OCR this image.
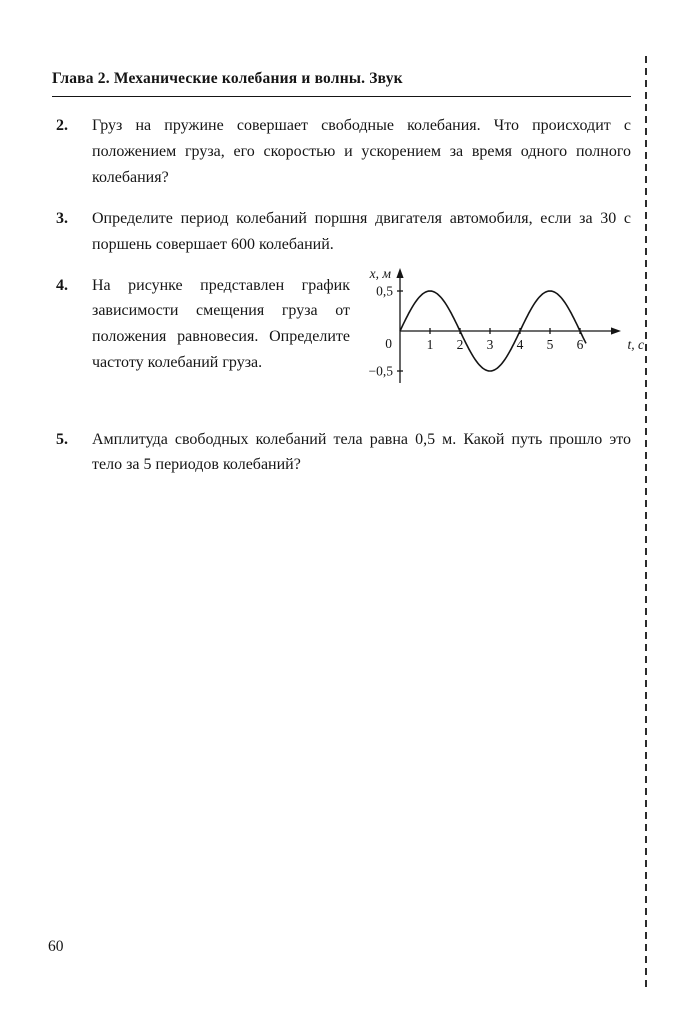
Глава 2. Механические колебания и волны. Звук
2.	Груз на пружине совершает свободные колебания. Что происходит с положением груза, его скоростью и ускорением за время одного полного колебания?
3.	Определите период колебаний поршня двигателя автомобиля, если за 30 с поршень совершает 600 колебаний.
4.	На рисунке представлен график зависимости смещения груза от положения равновесия. Определите частоту колебаний груза.
1 2 3 4 5 6
0,5
−0,5
0
x, м
t, с
5.	Амплитуда свободных колебаний тела равна 0,5 м. Какой путь прошло это тело за 5 периодов колебаний?
60
